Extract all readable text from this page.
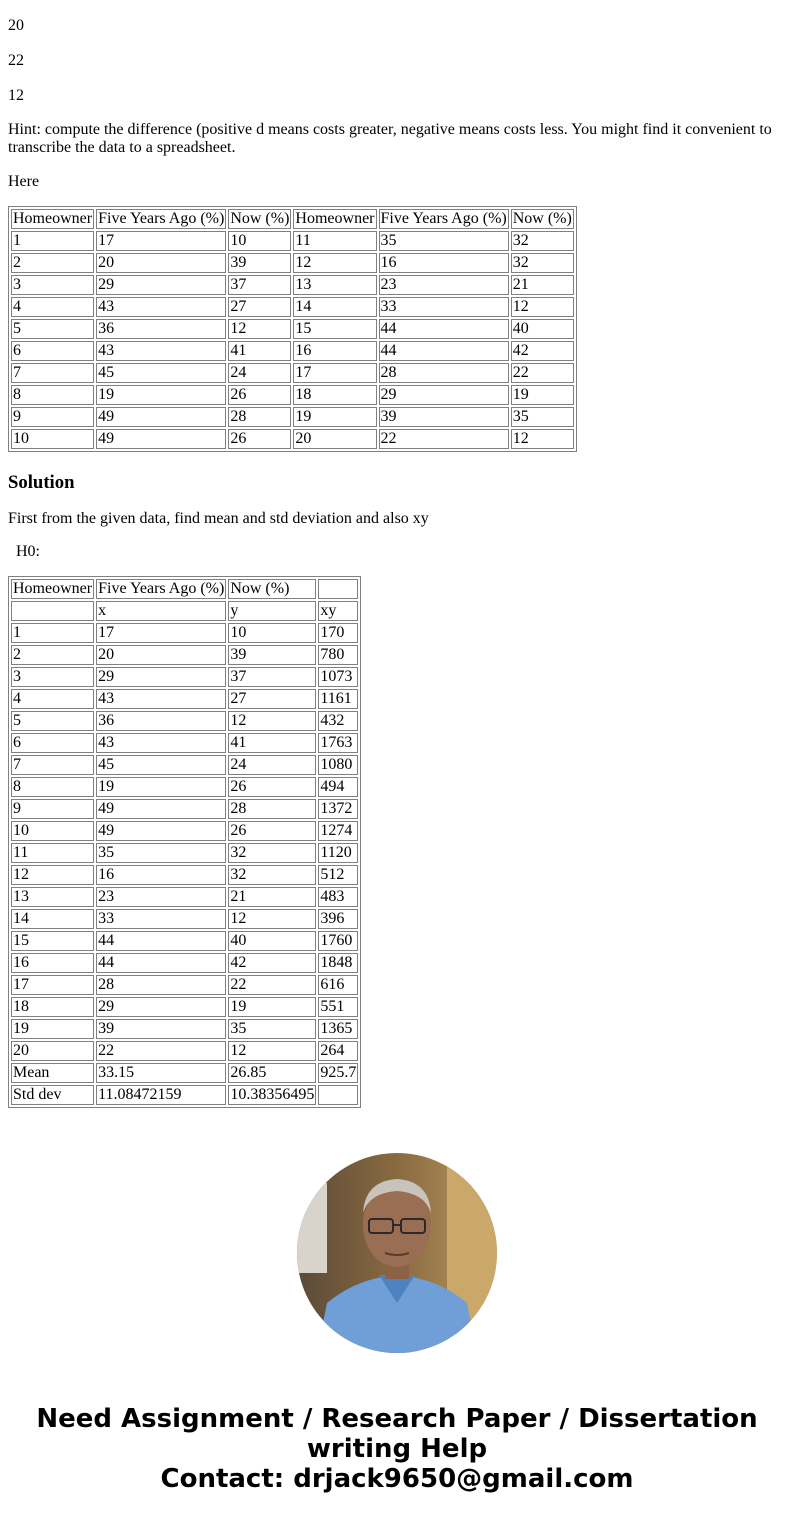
20

22

12

Hint: compute the difference (positive d means costs greater, negative means costs less. You might find it convenient to transcribe the data to a spreadsheet.

Here

Homeowner	Five Years Ago (%)	Now (%)	Homeowner	Five Years Ago (%)	Now (%)
1	17	10	11	35	32
2	20	39	12	16	32
3	29	37	13	23	21
4	43	27	14	33	12
5	36	12	15	44	40
6	43	41	16	44	42
7	45	24	17	28	22
8	19	26	18	29	19
9	49	28	19	39	35
10	49	26	20	22	12
Solution

First from the given data, find mean and std deviation and also xy

H0:

Homeowner	Five Years Ago (%)	Now (%)	
	x	y	xy
1	17	10	170
2	20	39	780
3	29	37	1073
4	43	27	1161
5	36	12	432
6	43	41	1763
7	45	24	1080
8	19	26	494
9	49	28	1372
10	49	26	1274
11	35	32	1120
12	16	32	512
13	23	21	483
14	33	12	396
15	44	40	1760
16	44	42	1848
17	28	22	616
18	29	19	551
19	39	35	1365
20	22	12	264
Mean	33.15	26.85	925.7
Std dev	11.08472159	10.38356495	
Need Assignment / Research Paper / Dissertation
writing Help
Contact: drjack9650@gmail.com
